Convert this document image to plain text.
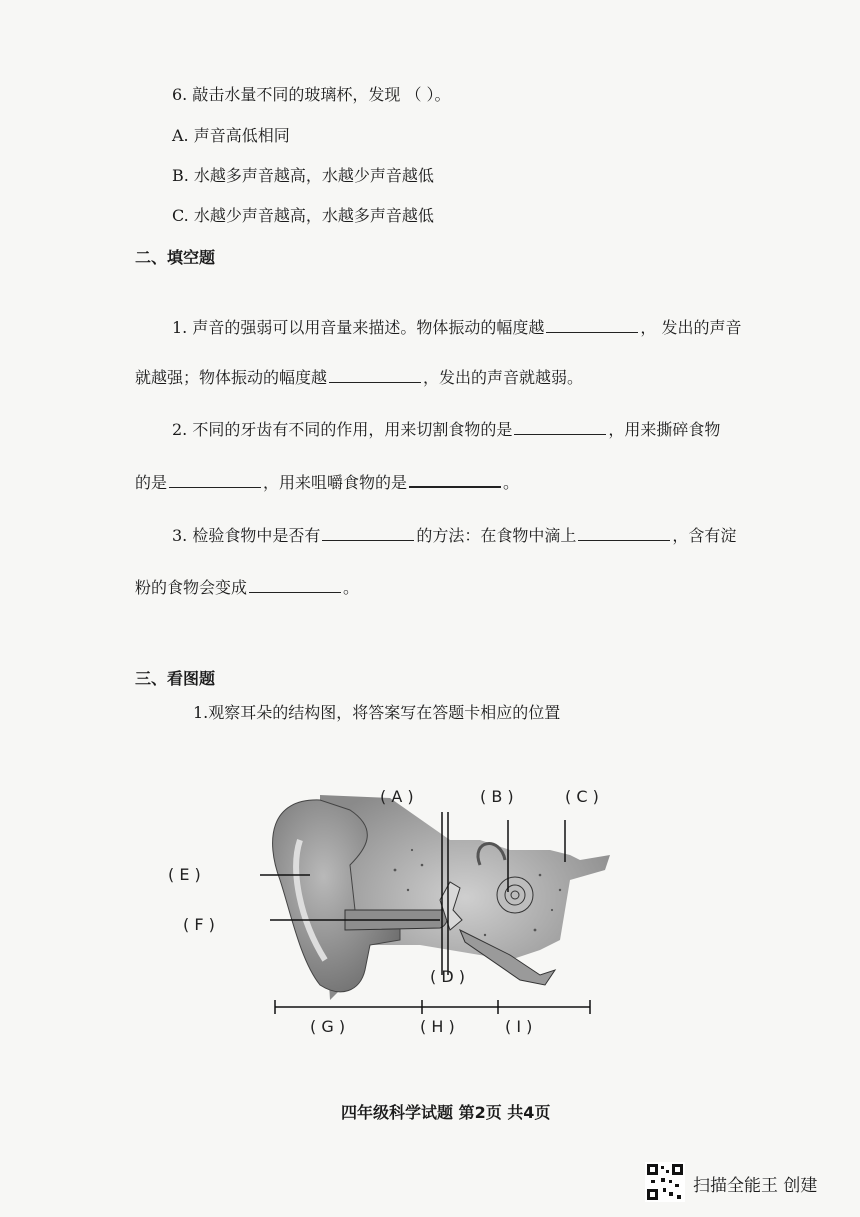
6. 敲击水量不同的玻璃杯，发现 （ ）。
A. 声音高低相同
B. 水越多声音越高，水越少声音越低
C. 水越少声音越高，水越多声音越低
二、填空题
1. 声音的强弱可以用音量来描述。物体振动的幅度越	， 发出的声音
就越强；物体振动的幅度越	，发出的声音就越弱。
2. 不同的牙齿有不同的作用，用来切割食物的是	，用来撕碎食物
的是	，用来咀嚼食物的是	。
3. 检验食物中是否有	的方法：在食物中滴上	，含有淀
粉的食物会变成	。
三、看图题
1.观察耳朵的结构图，将答案写在答题卡相应的位置
( A )	( B )	( C )
( E )
( F )
( D )
( G )	( H )	( I )
四年级科学试题 第2页 共4页
扫描全能王 创建
